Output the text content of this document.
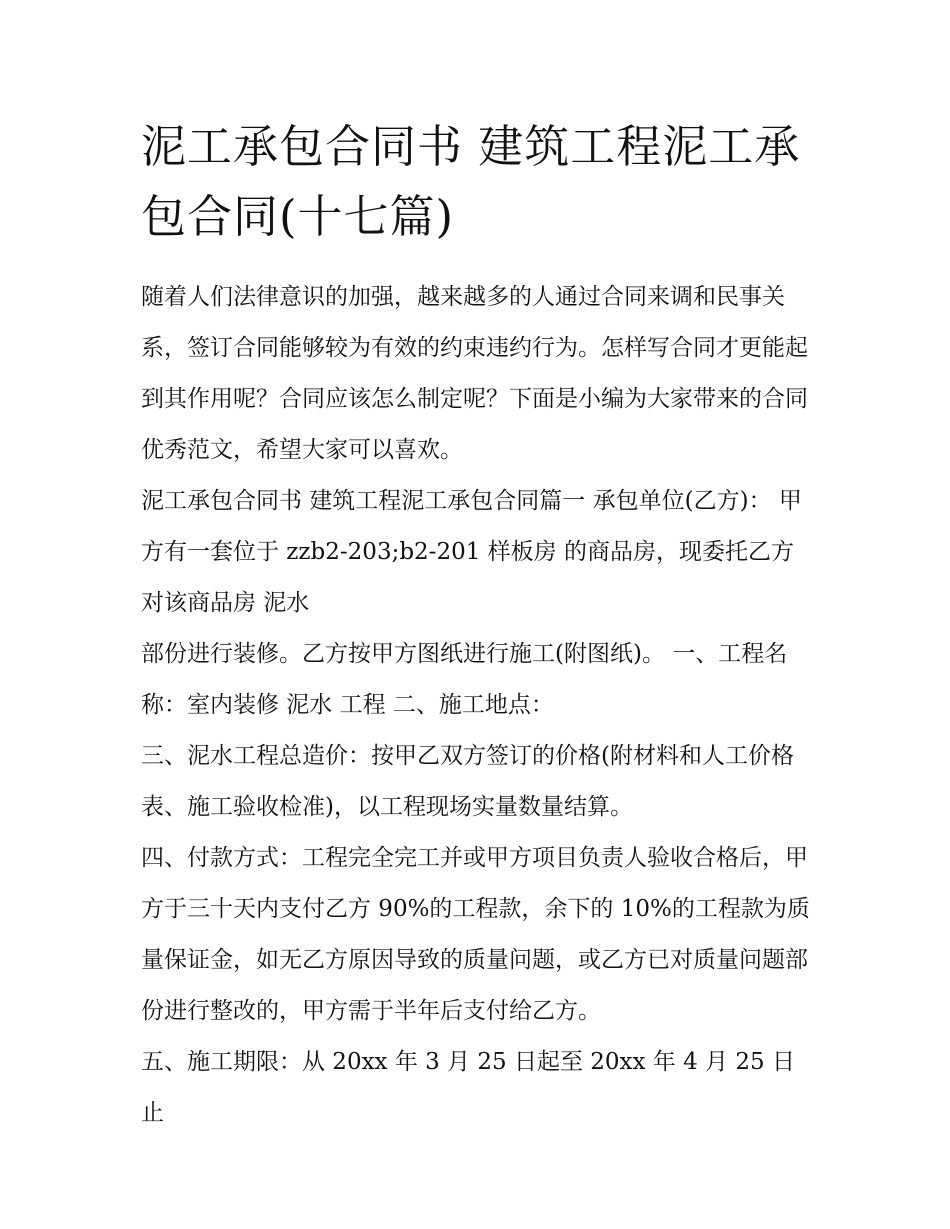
泥工承包合同书 建筑工程泥工承包合同(十七篇)

随着人们法律意识的加强，越来越多的人通过合同来调和民事关系，签订合同能够较为有效的约束违约行为。怎样写合同才更能起到其作用呢？合同应该怎么制定呢？下面是小编为大家带来的合同优秀范文，希望大家可以喜欢。

泥工承包合同书 建筑工程泥工承包合同篇一 承包单位(乙方)： 甲方有一套位于 zzb2-203;b2-201 样板房 的商品房，现委托乙方对该商品房 泥水

部份进行装修。乙方按甲方图纸进行施工(附图纸)。 一、工程名称：室内装修 泥水 工程 二、施工地点：

三、泥水工程总造价：按甲乙双方签订的价格(附材料和人工价格表、施工验收检准)，以工程现场实量数量结算。

四、付款方式：工程完全完工并或甲方项目负责人验收合格后，甲方于三十天内支付乙方 90%的工程款，余下的 10%的工程款为质量保证金，如无乙方原因导致的质量问题，或乙方已对质量问题部份进行整改的，甲方需于半年后支付给乙方。

五、施工期限：从 20xx 年 3 月 25 日起至 20xx 年 4 月 25 日止
